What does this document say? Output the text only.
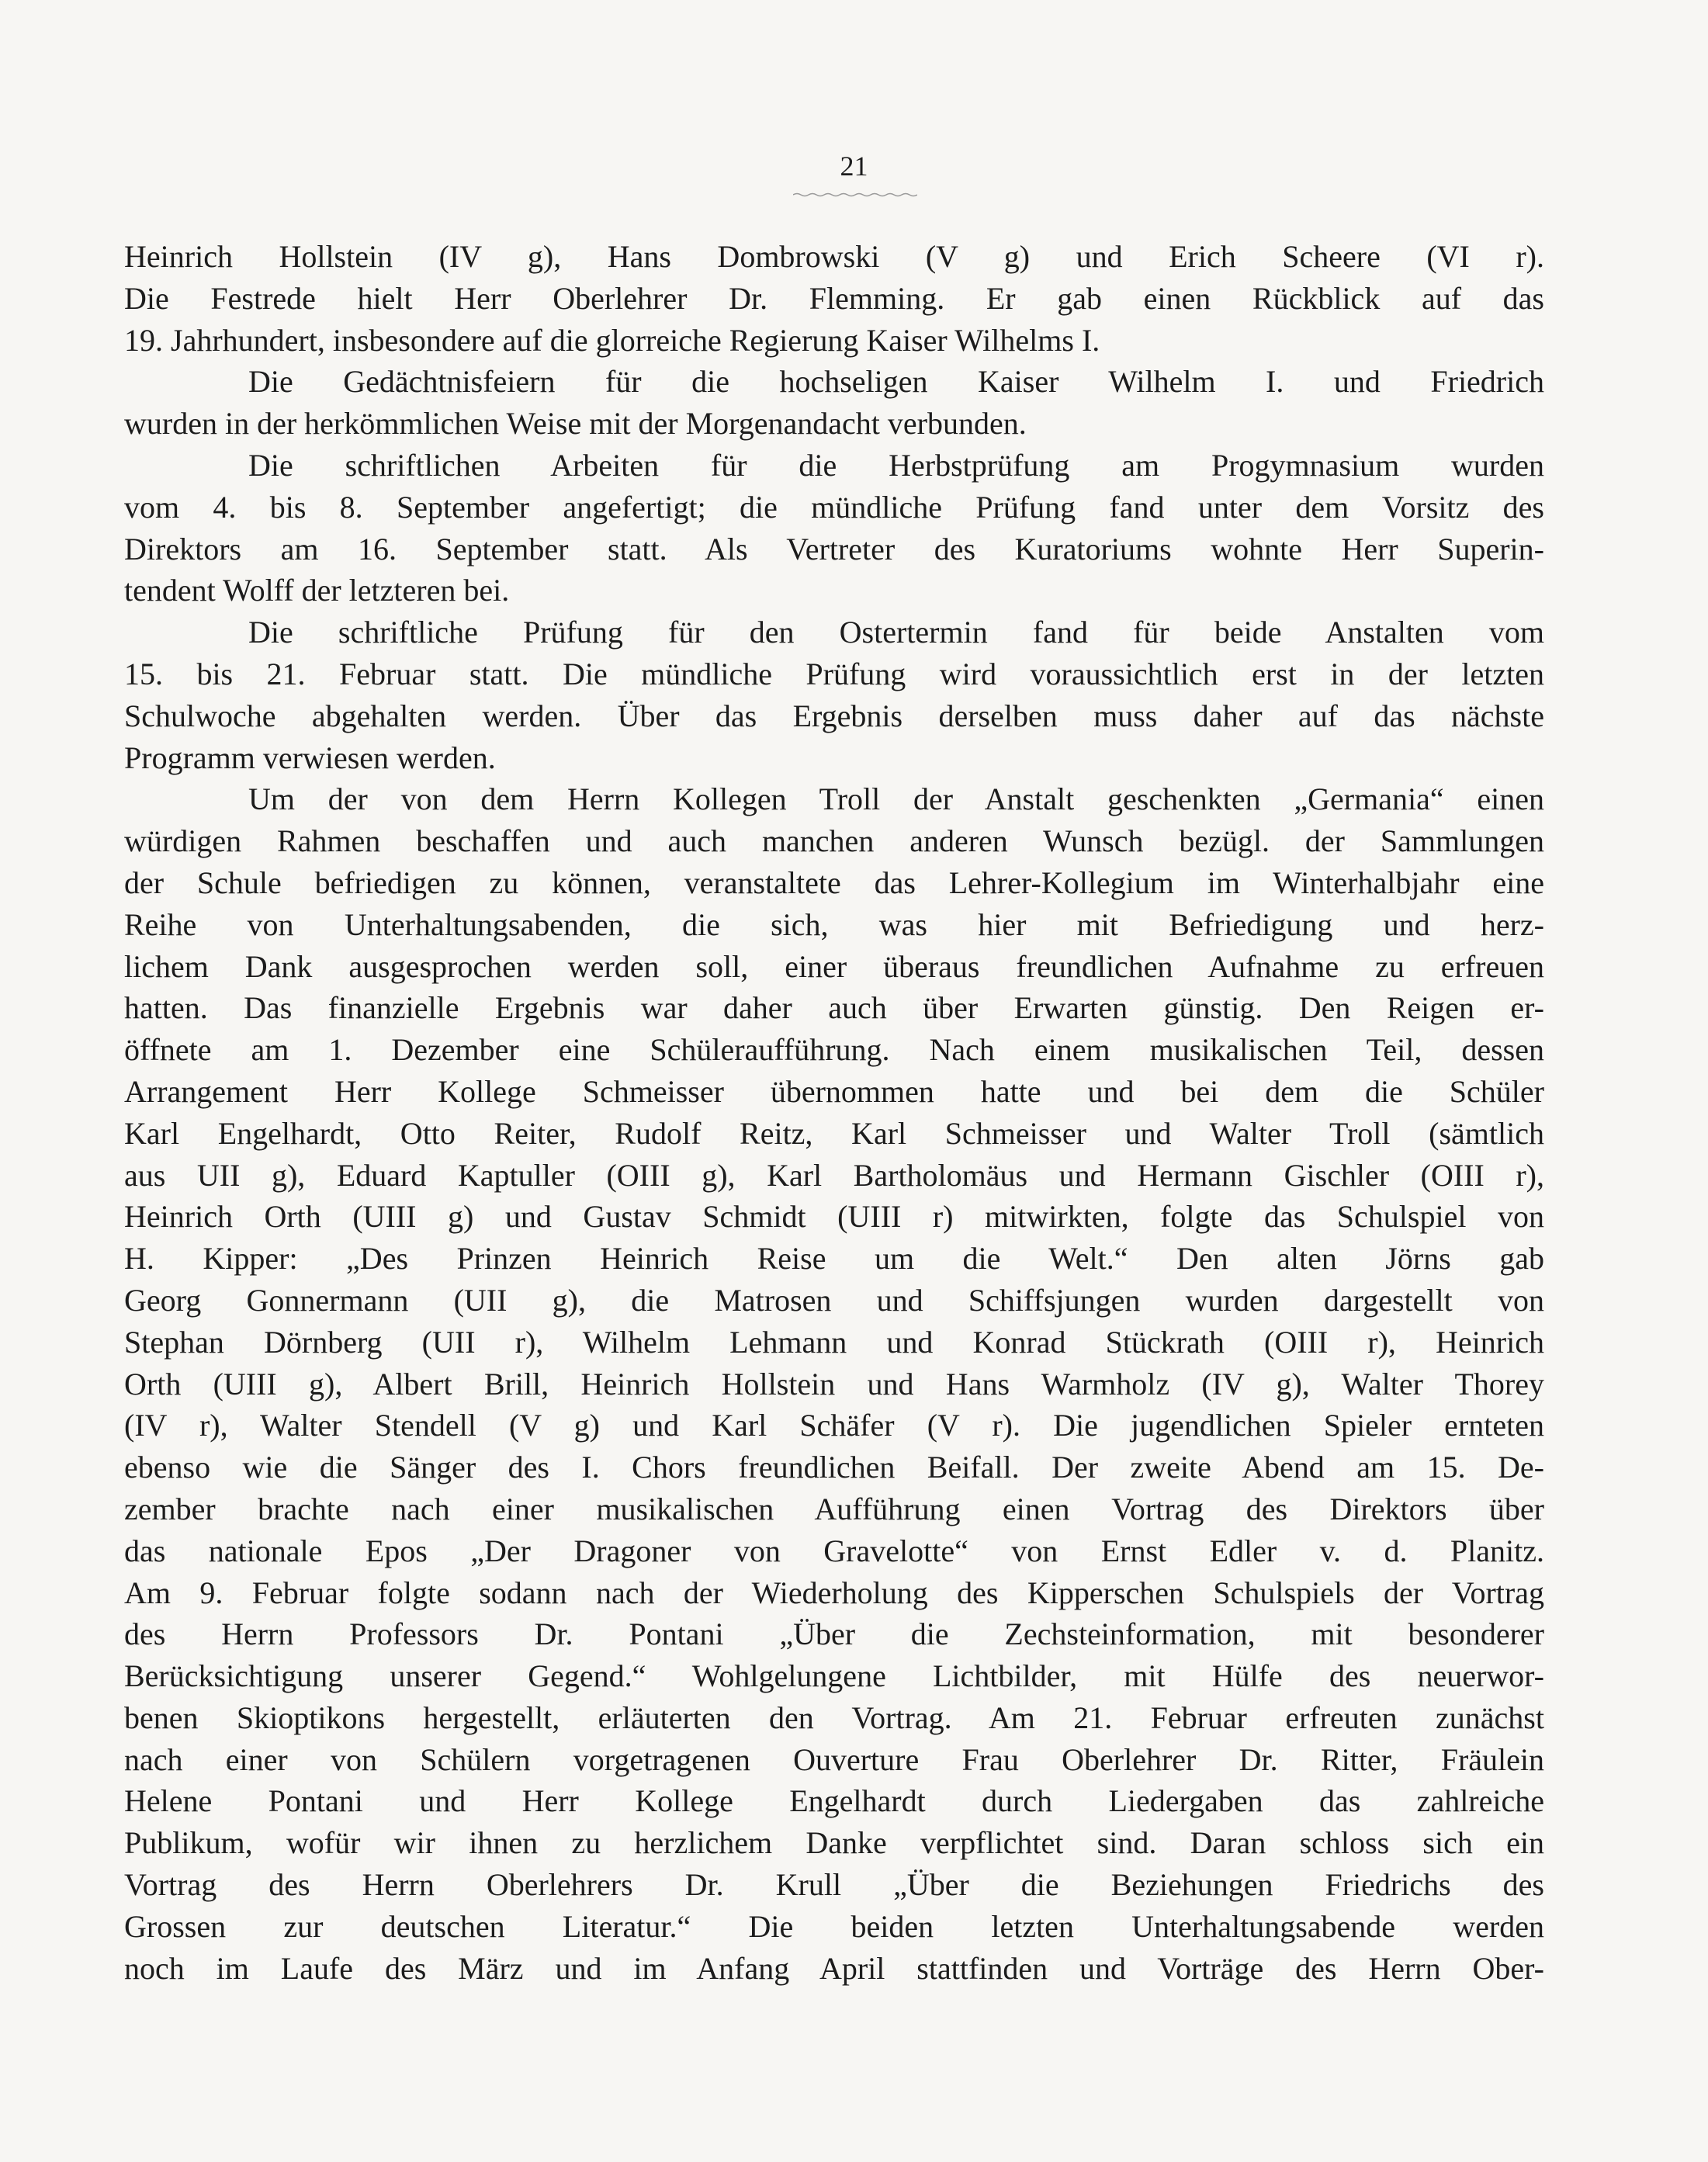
21
Heinrich Hollstein (IV g), Hans Dombrowski (V g) und Erich Scheere (VI r).
Die Festrede hielt Herr Oberlehrer Dr. Flemming. Er gab einen Rückblick auf das
19. Jahrhundert, insbesondere auf die glorreiche Regierung Kaiser Wilhelms I.
Die Gedächtnisfeiern für die hochseligen Kaiser Wilhelm I. und Friedrich
wurden in der herkömmlichen Weise mit der Morgenandacht verbunden.
Die schriftlichen Arbeiten für die Herbstprüfung am Progymnasium wurden
vom 4. bis 8. September angefertigt; die mündliche Prüfung fand unter dem Vorsitz des
Direktors am 16. September statt. Als Vertreter des Kuratoriums wohnte Herr Superin-
tendent Wolff der letzteren bei.
Die schriftliche Prüfung für den Ostertermin fand für beide Anstalten vom
15. bis 21. Februar statt. Die mündliche Prüfung wird voraussichtlich erst in der letzten
Schulwoche abgehalten werden. Über das Ergebnis derselben muss daher auf das nächste
Programm verwiesen werden.
Um der von dem Herrn Kollegen Troll der Anstalt geschenkten „Germania“ einen
würdigen Rahmen beschaffen und auch manchen anderen Wunsch bezügl. der Sammlungen
der Schule befriedigen zu können, veranstaltete das Lehrer-Kollegium im Winterhalbjahr eine
Reihe von Unterhaltungsabenden, die sich, was hier mit Befriedigung und herz-
lichem Dank ausgesprochen werden soll, einer überaus freundlichen Aufnahme zu erfreuen
hatten. Das finanzielle Ergebnis war daher auch über Erwarten günstig. Den Reigen er-
öffnete am 1. Dezember eine Schüleraufführung. Nach einem musikalischen Teil, dessen
Arrangement Herr Kollege Schmeisser übernommen hatte und bei dem die Schüler
Karl Engelhardt, Otto Reiter, Rudolf Reitz, Karl Schmeisser und Walter Troll (sämtlich
aus UII g), Eduard Kaptuller (OIII g), Karl Bartholomäus und Hermann Gischler (OIII r),
Heinrich Orth (UIII g) und Gustav Schmidt (UIII r) mitwirkten, folgte das Schulspiel von
H. Kipper: „Des Prinzen Heinrich Reise um die Welt.“ Den alten Jörns gab
Georg Gonnermann (UII g), die Matrosen und Schiffsjungen wurden dargestellt von
Stephan Dörnberg (UII r), Wilhelm Lehmann und Konrad Stückrath (OIII r), Heinrich
Orth (UIII g), Albert Brill, Heinrich Hollstein und Hans Warmholz (IV g), Walter Thorey
(IV r), Walter Stendell (V g) und Karl Schäfer (V r). Die jugendlichen Spieler ernteten
ebenso wie die Sänger des I. Chors freundlichen Beifall. Der zweite Abend am 15. De-
zember brachte nach einer musikalischen Aufführung einen Vortrag des Direktors über
das nationale Epos „Der Dragoner von Gravelotte“ von Ernst Edler v. d. Planitz.
Am 9. Februar folgte sodann nach der Wiederholung des Kipperschen Schulspiels der Vortrag
des Herrn Professors Dr. Pontani „Über die Zechsteinformation, mit besonderer
Berücksichtigung unserer Gegend.“ Wohlgelungene Lichtbilder, mit Hülfe des neuerwor-
benen Skioptikons hergestellt, erläuterten den Vortrag. Am 21. Februar erfreuten zunächst
nach einer von Schülern vorgetragenen Ouverture Frau Oberlehrer Dr. Ritter, Fräulein
Helene Pontani und Herr Kollege Engelhardt durch Liedergaben das zahlreiche
Publikum, wofür wir ihnen zu herzlichem Danke verpflichtet sind. Daran schloss sich ein
Vortrag des Herrn Oberlehrers Dr. Krull „Über die Beziehungen Friedrichs des
Grossen zur deutschen Literatur.“ Die beiden letzten Unterhaltungsabende werden
noch im Laufe des März und im Anfang April stattfinden und Vorträge des Herrn Ober-
